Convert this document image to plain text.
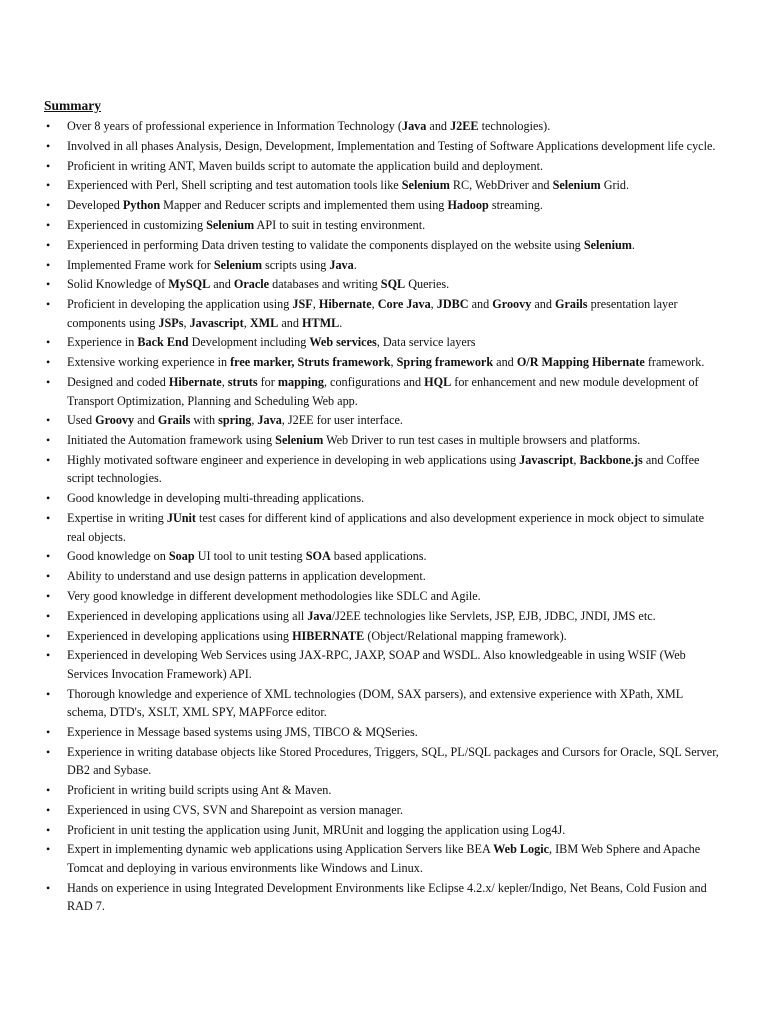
Summary
• Over 8 years of professional experience in Information Technology (Java and J2EE technologies).
• Involved in all phases Analysis, Design, Development, Implementation and Testing of Software Applications development life cycle.
• Proficient in writing ANT, Maven builds script to automate the application build and deployment.
• Experienced with Perl, Shell scripting and test automation tools like Selenium RC, WebDriver and Selenium Grid.
• Developed Python Mapper and Reducer scripts and implemented them using Hadoop streaming.
• Experienced in customizing Selenium API to suit in testing environment.
• Experienced in performing Data driven testing to validate the components displayed on the website using Selenium.
• Implemented Frame work for Selenium scripts using Java.
• Solid Knowledge of MySQL and Oracle databases and writing SQL Queries.
• Proficient in developing the application using JSF, Hibernate, Core Java, JDBC and Groovy and Grails presentation layer components using JSPs, Javascript, XML and HTML.
• Experience in Back End Development including Web services, Data service layers
• Extensive working experience in free marker, Struts framework, Spring framework and O/R Mapping Hibernate framework.
• Designed and coded Hibernate, struts for mapping, configurations and HQL for enhancement and new module development of Transport Optimization, Planning and Scheduling Web app.
• Used Groovy and Grails with spring, Java, J2EE for user interface.
• Initiated the Automation framework using Selenium Web Driver to run test cases in multiple browsers and platforms.
• Highly motivated software engineer and experience in developing in web applications using Javascript, Backbone.js and Coffee script technologies.
• Good knowledge in developing multi-threading applications.
• Expertise in writing JUnit test cases for different kind of applications and also development experience in mock object to simulate real objects.
• Good knowledge on Soap UI tool to unit testing SOA based applications.
• Ability to understand and use design patterns in application development.
• Very good knowledge in different development methodologies like SDLC and Agile.
• Experienced in developing applications using all Java/J2EE technologies like Servlets, JSP, EJB, JDBC, JNDI, JMS etc.
• Experienced in developing applications using HIBERNATE (Object/Relational mapping framework).
• Experienced in developing Web Services using JAX-RPC, JAXP, SOAP and WSDL. Also knowledgeable in using WSIF (Web Services Invocation Framework) API.
• Thorough knowledge and experience of XML technologies (DOM, SAX parsers), and extensive experience with XPath, XML schema, DTD's, XSLT, XML SPY, MAPForce editor.
• Experience in Message based systems using JMS, TIBCO & MQSeries.
• Experience in writing database objects like Stored Procedures, Triggers, SQL, PL/SQL packages and Cursors for Oracle, SQL Server, DB2 and Sybase.
• Proficient in writing build scripts using Ant & Maven.
• Experienced in using CVS, SVN and Sharepoint as version manager.
• Proficient in unit testing the application using Junit, MRUnit and logging the application using Log4J.
• Expert in implementing dynamic web applications using Application Servers like BEA Web Logic, IBM Web Sphere and Apache Tomcat and deploying in various environments like Windows and Linux.
• Hands on experience in using Integrated Development Environments like Eclipse 4.2.x/ kepler/Indigo, Net Beans, Cold Fusion and RAD 7.
